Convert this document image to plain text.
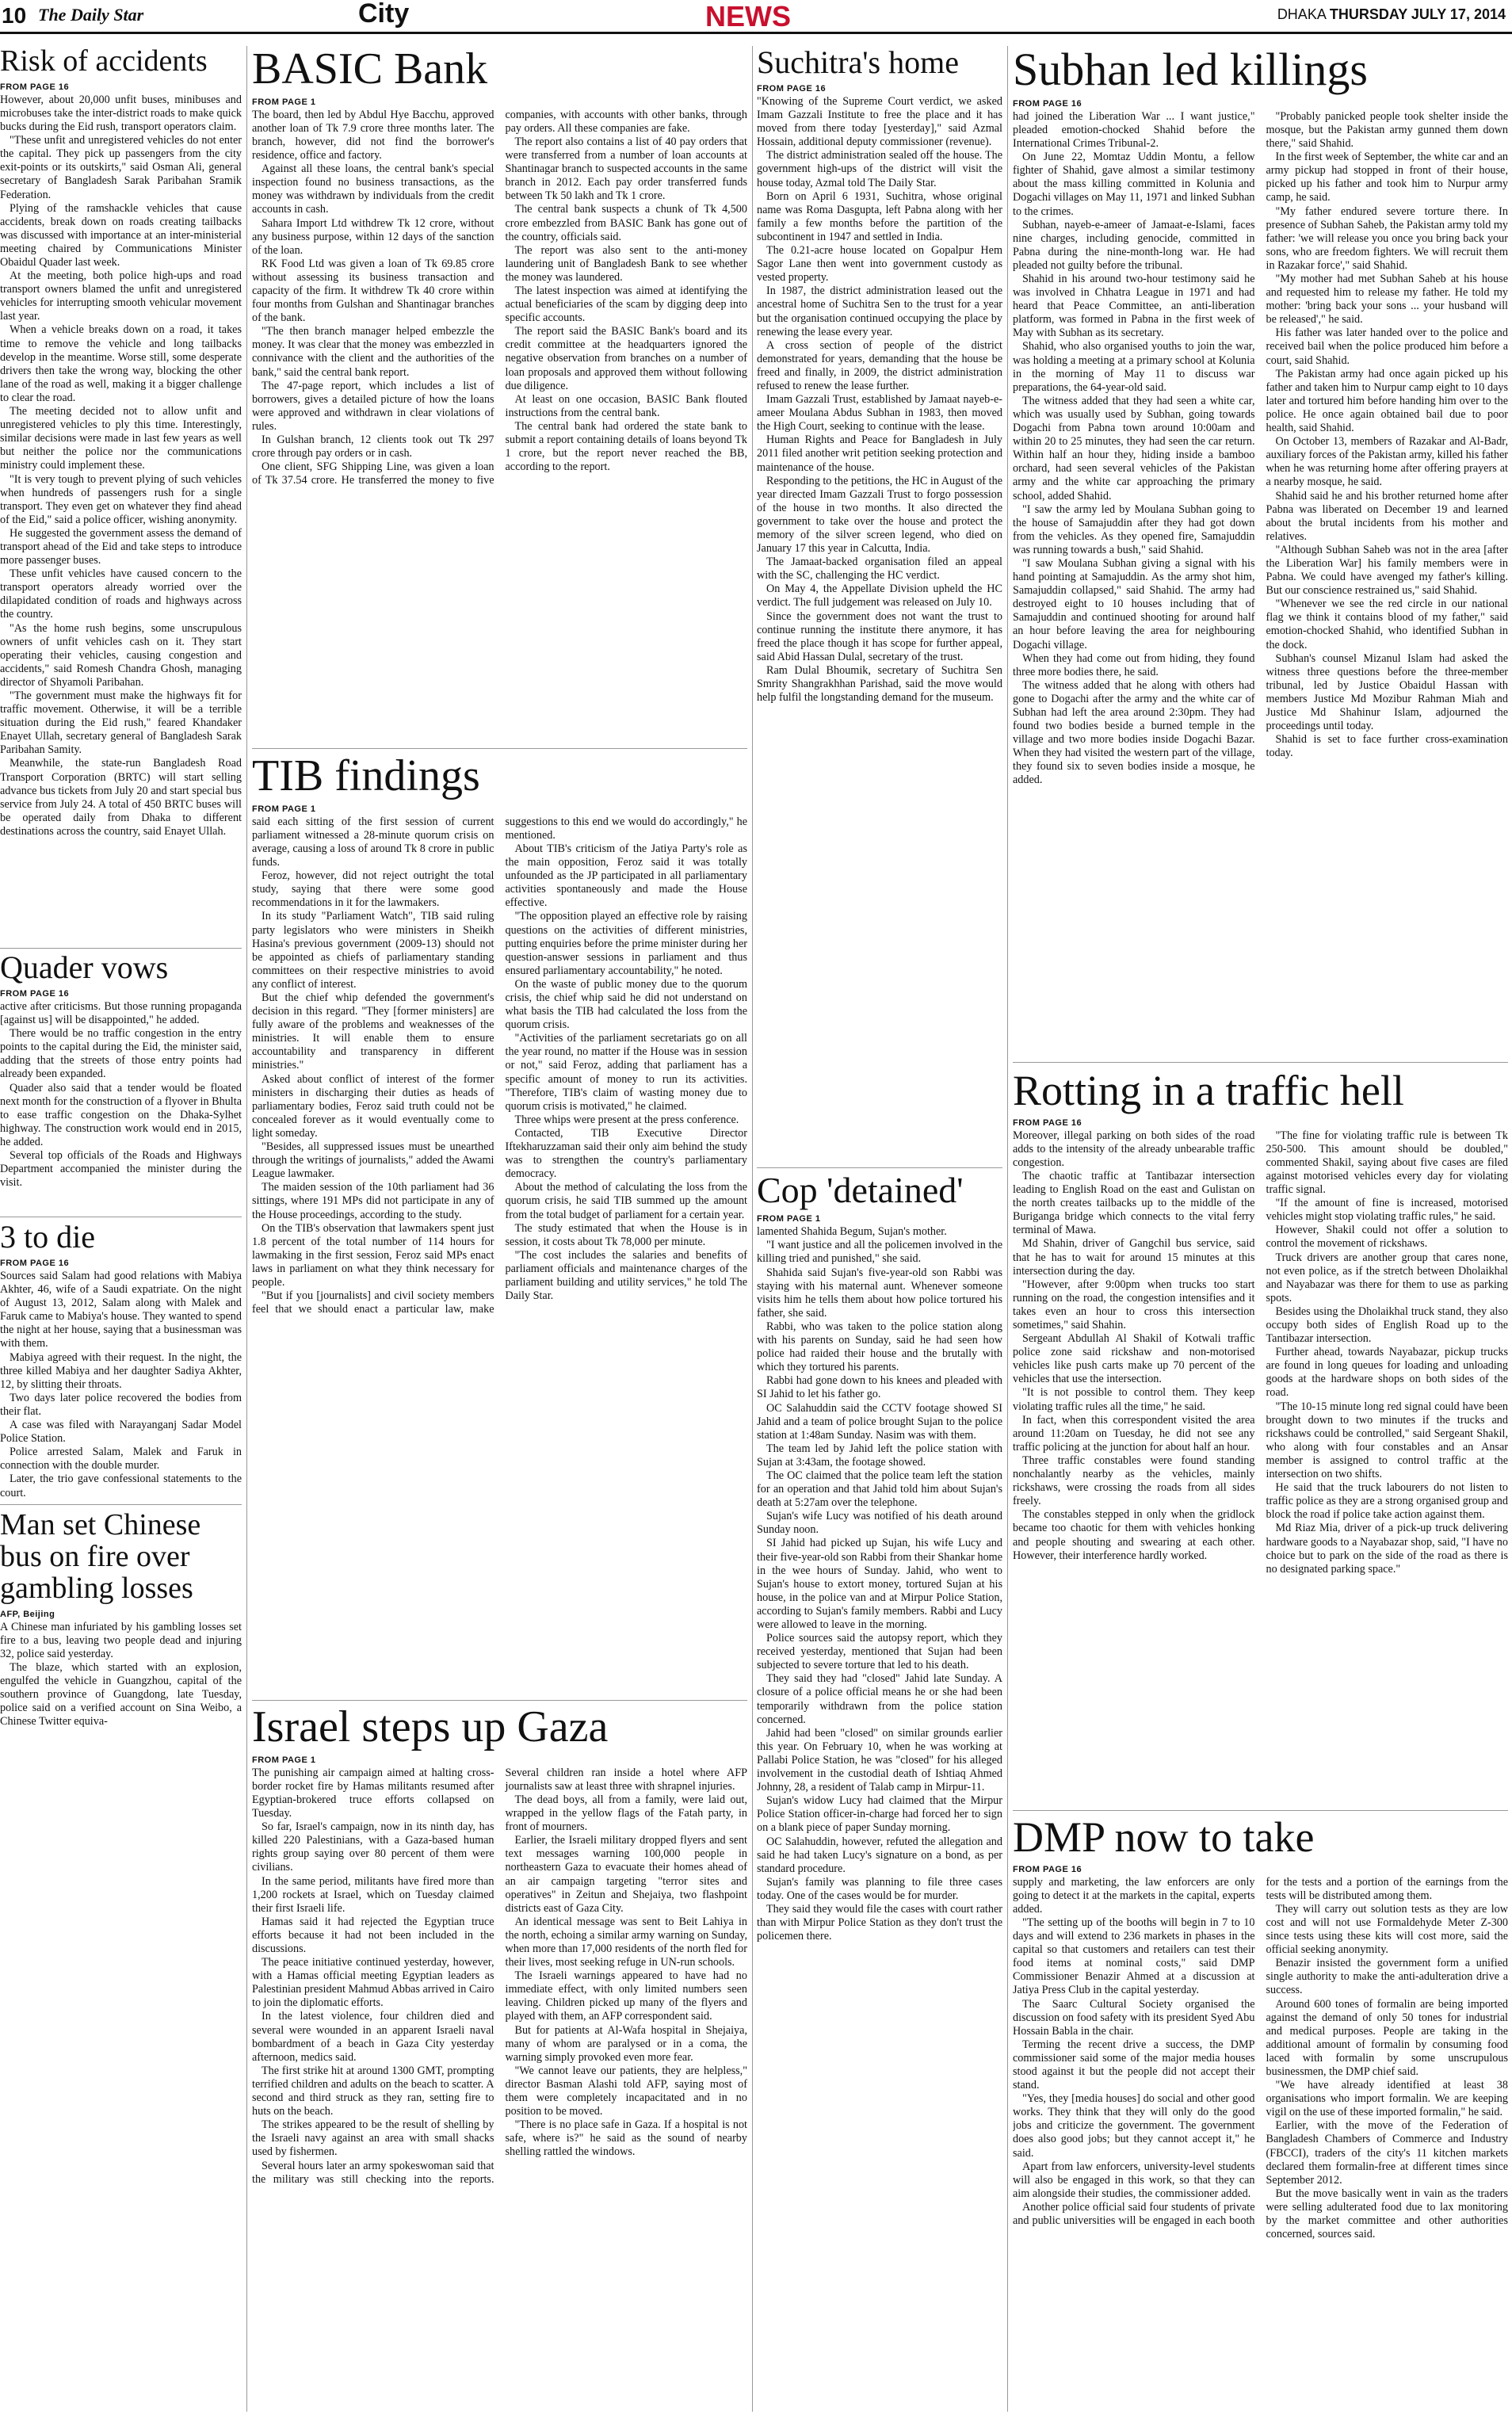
10 The Daily Star	City	NEWS	DHAKA THURSDAY JULY 17, 2014
Risk of accidents
FROM PAGE 16

However, about 20,000 unfit buses, minibuses and microbuses take the inter-district roads to make quick bucks during the Eid rush, transport operators claim.

"These unfit and unregistered vehicles do not enter the capital. They pick up passengers from the city exit-points or its outskirts," said Osman Ali, general secretary of Bangladesh Sarak Paribahan Sramik Federation.

Plying of the ramshackle vehicles that cause accidents, break down on roads creating tailbacks was discussed with importance at an inter-ministerial meeting chaired by Communications Minister Obaidul Quader last week.

At the meeting, both police high-ups and road transport owners blamed the unfit and unregistered vehicles for interrupting smooth vehicular movement last year.

When a vehicle breaks down on a road, it takes time to remove the vehicle and long tailbacks develop in the meantime. Worse still, some desperate drivers then take the wrong way, blocking the other lane of the road as well, making it a bigger challenge to clear the road.

The meeting decided not to allow unfit and unregistered vehicles to ply this time. Interestingly, similar decisions were made in last few years as well but neither the police nor the communications ministry could implement these.

"It is very tough to prevent plying of such vehicles when hundreds of passengers rush for a single transport. They even get on whatever they find ahead of the Eid," said a police officer, wishing anonymity.

He suggested the government assess the demand of transport ahead of the Eid and take steps to introduce more passenger buses.

These unfit vehicles have caused concern to the transport operators already worried over the dilapidated condition of roads and highways across the country.

"As the home rush begins, some unscrupulous owners of unfit vehicles cash on it. They start operating their vehicles, causing congestion and accidents," said Romesh Chandra Ghosh, managing director of Shyamoli Paribahan.

"The government must make the highways fit for traffic movement. Otherwise, it will be a terrible situation during the Eid rush," feared Khandaker Enayet Ullah, secretary general of Bangladesh Sarak Paribahan Samity.

Meanwhile, the state-run Bangladesh Road Transport Corporation (BRTC) will start selling advance bus tickets from July 20 and start special bus service from July 24. A total of 450 BRTC buses will be operated daily from Dhaka to different destinations across the country, said Enayet Ullah.

Quader vows
FROM PAGE 16

active after criticisms. But those running propaganda [against us] will be disappointed," he added.

There would be no traffic congestion in the entry points to the capital during the Eid, the minister said, adding that the streets of those entry points had already been expanded.

Quader also said that a tender would be floated next month for the construction of a flyover in Bhulta to ease traffic congestion on the Dhaka-Sylhet highway. The construction work would end in 2015, he added.

Several top officials of the Roads and Highways Department accompanied the minister during the visit.

3 to die
FROM PAGE 16

Sources said Salam had good relations with Mabiya Akhter, 46, wife of a Saudi expatriate. On the night of August 13, 2012, Salam along with Malek and Faruk came to Mabiya's house. They wanted to spend the night at her house, saying that a businessman was with them.

Mabiya agreed with their request. In the night, the three killed Mabiya and her daughter Sadiya Akhter, 12, by slitting their throats.

Two days later police recovered the bodies from their flat.

A case was filed with Narayanganj Sadar Model Police Station.

Police arrested Salam, Malek and Faruk in connection with the double murder.

Later, the trio gave confessional statements to the court.

Man set Chinese bus on fire over gambling losses
AFP, Beijing

A Chinese man infuriated by his gambling losses set fire to a bus, leaving two people dead and injuring 32, police said yesterday.

The blaze, which started with an explosion, engulfed the vehicle in Guangzhou, capital of the southern province of Guangdong, late Tuesday, police said on a verified account on Sina Weibo, a Chinese Twitter equiva-

BASIC Bank
FROM PAGE 1

The board, then led by Abdul Hye Bacchu, approved another loan of Tk 7.9 crore three months later. The branch, however, did not find the borrower's residence, office and factory.

Against all these loans, the central bank's special inspection found no business transactions, as the money was withdrawn by individuals from the credit accounts in cash.

Sahara Import Ltd withdrew Tk 12 crore, without any business purpose, within 12 days of the sanction of the loan.

RK Food Ltd was given a loan of Tk 69.85 crore without assessing its business transaction and capacity of the firm. It withdrew Tk 40 crore within four months from Gulshan and Shantinagar branches of the bank.

"The then branch manager helped embezzle the money. It was clear that the money was embezzled in connivance with the client and the authorities of the bank," said the central bank report.

The 47-page report, which includes a list of borrowers, gives a detailed picture of how the loans were approved and withdrawn in clear violations of rules.

In Gulshan branch, 12 clients took out Tk 297 crore through pay orders or in cash.

One client, SFG Shipping Line, was given a loan of Tk 37.54 crore. He transferred the money to five companies, with accounts with other banks, through pay orders. All these companies are fake.

The report also contains a list of 40 pay orders that were transferred from a number of loan accounts at Shantinagar branch to suspected accounts in the same branch in 2012. Each pay order transferred funds between Tk 50 lakh and Tk 1 crore.

The central bank suspects a chunk of Tk 4,500 crore embezzled from BASIC Bank has gone out of the country, officials said.

The report was also sent to the anti-money laundering unit of Bangladesh Bank to see whether the money was laundered.

The latest inspection was aimed at identifying the actual beneficiaries of the scam by digging deep into specific accounts.

The report said the BASIC Bank's board and its credit committee at the headquarters ignored the negative observation from branches on a number of loan proposals and approved them without following due diligence.

At least on one occasion, BASIC Bank flouted instructions from the central bank.

The central bank had ordered the state bank to submit a report containing details of loans beyond Tk 1 crore, but the report never reached the BB, according to the report.

TIB findings
FROM PAGE 1

said each sitting of the first session of current parliament witnessed a 28-minute quorum crisis on average, causing a loss of around Tk 8 crore in public funds.

Feroz, however, did not reject outright the total study, saying that there were some good recommendations in it for the lawmakers.

In its study "Parliament Watch", TIB said ruling party legislators who were ministers in Sheikh Hasina's previous government (2009-13) should not be appointed as chiefs of parliamentary standing committees on their respective ministries to avoid any conflict of interest.

But the chief whip defended the government's decision in this regard. "They [former ministers] are fully aware of the problems and weaknesses of the ministries. It will enable them to ensure accountability and transparency in different ministries."

Asked about conflict of interest of the former ministers in discharging their duties as heads of parliamentary bodies, Feroz said truth could not be concealed forever as it would eventually come to light someday.

"Besides, all suppressed issues must be unearthed through the writings of journalists," added the Awami League lawmaker.

The maiden session of the 10th parliament had 36 sittings, where 191 MPs did not participate in any of the House proceedings, according to the study.

On the TIB's observation that lawmakers spent just 1.8 percent of the total number of 114 hours for lawmaking in the first session, Feroz said MPs enact laws in parliament on what they think necessary for people.

"But if you [journalists] and civil society members feel that we should enact a particular law, make suggestions to this end we would do accordingly," he mentioned.

About TIB's criticism of the Jatiya Party's role as the main opposition, Feroz said it was totally unfounded as the JP participated in all parliamentary activities spontaneously and made the House effective.

"The opposition played an effective role by raising questions on the activities of different ministries, putting enquiries before the prime minister during her question-answer sessions in parliament and thus ensured parliamentary accountability," he noted.

On the waste of public money due to the quorum crisis, the chief whip said he did not understand on what basis the TIB had calculated the loss from the quorum crisis.

"Activities of the parliament secretariats go on all the year round, no matter if the House was in session or not," said Feroz, adding that parliament has a specific amount of money to run its activities. "Therefore, TIB's claim of wasting money due to quorum crisis is motivated," he claimed.

Three whips were present at the press conference.

Contacted, TIB Executive Director Iftekharuzzaman said their only aim behind the study was to strengthen the country's parliamentary democracy.

About the method of calculating the loss from the quorum crisis, he said TIB summed up the amount from the total budget of parliament for a certain year.

The study estimated that when the House is in session, it costs about Tk 78,000 per minute.

"The cost includes the salaries and benefits of parliament officials and maintenance charges of the parliament building and utility services," he told The Daily Star.

Israel steps up Gaza
FROM PAGE 1

The punishing air campaign aimed at halting cross-border rocket fire by Hamas militants resumed after Egyptian-brokered truce efforts collapsed on Tuesday.

So far, Israel's campaign, now in its ninth day, has killed 220 Palestinians, with a Gaza-based human rights group saying over 80 percent of them were civilians.

In the same period, militants have fired more than 1,200 rockets at Israel, which on Tuesday claimed their first Israeli life.

Hamas said it had rejected the Egyptian truce efforts because it had not been included in the discussions.

The peace initiative continued yesterday, however, with a Hamas official meeting Egyptian leaders as Palestinian president Mahmud Abbas arrived in Cairo to join the diplomatic efforts.

In the latest violence, four children died and several were wounded in an apparent Israeli naval bombardment of a beach in Gaza City yesterday afternoon, medics said.

The first strike hit at around 1300 GMT, prompting terrified children and adults on the beach to scatter. A second and third struck as they ran, setting fire to huts on the beach.

The strikes appeared to be the result of shelling by the Israeli navy against an area with small shacks used by fishermen.

Several hours later an army spokeswoman said that the military was still checking into the reports. Several children ran inside a hotel where AFP journalists saw at least three with shrapnel injuries.

The dead boys, all from a family, were laid out, wrapped in the yellow flags of the Fatah party, in front of mourners.

Earlier, the Israeli military dropped flyers and sent text messages warning 100,000 people in northeastern Gaza to evacuate their homes ahead of an air campaign targeting "terror sites and operatives" in Zeitun and Shejaiya, two flashpoint districts east of Gaza City.

An identical message was sent to Beit Lahiya in the north, echoing a similar army warning on Sunday, when more than 17,000 residents of the north fled for their lives, most seeking refuge in UN-run schools.

The Israeli warnings appeared to have had no immediate effect, with only limited numbers seen leaving. Children picked up many of the flyers and played with them, an AFP correspondent said.

But for patients at Al-Wafa hospital in Shejaiya, many of whom are paralysed or in a coma, the warning simply provoked even more fear.

"We cannot leave our patients, they are helpless," director Basman Alashi told AFP, saying most of them were completely incapacitated and in no position to be moved.

"There is no place safe in Gaza. If a hospital is not safe, where is?" he said as the sound of nearby shelling rattled the windows.

Suchitra's home
FROM PAGE 16

"Knowing of the Supreme Court verdict, we asked Imam Gazzali Institute to free the place and it has moved from there today [yesterday]," said Azmal Hossain, additional deputy commissioner (revenue).

The district administration sealed off the house. The government high-ups of the district will visit the house today, Azmal told The Daily Star.

Born on April 6 1931, Suchitra, whose original name was Roma Dasgupta, left Pabna along with her family a few months before the partition of the subcontinent in 1947 and settled in India.

The 0.21-acre house located on Gopalpur Hem Sagor Lane then went into government custody as vested property.

In 1987, the district administration leased out the ancestral home of Suchitra Sen to the trust for a year but the organisation continued occupying the place by renewing the lease every year.

A cross section of people of the district demonstrated for years, demanding that the house be freed and finally, in 2009, the district administration refused to renew the lease further.

Imam Gazzali Trust, established by Jamaat nayeb-e-ameer Moulana Abdus Subhan in 1983, then moved the High Court, seeking to continue with the lease.

Human Rights and Peace for Bangladesh in July 2011 filed another writ petition seeking protection and maintenance of the house.

Responding to the petitions, the HC in August of the year directed Imam Gazzali Trust to forgo possession of the house in two months. It also directed the government to take over the house and protect the memory of the silver screen legend, who died on January 17 this year in Calcutta, India.

The Jamaat-backed organisation filed an appeal with the SC, challenging the HC verdict.

On May 4, the Appellate Division upheld the HC verdict. The full judgement was released on July 10.

Since the government does not want the trust to continue running the institute there anymore, it has freed the place though it has scope for further appeal, said Abid Hassan Dulal, secretary of the trust.

Ram Dulal Bhoumik, secretary of Suchitra Sen Smrity Shangrakhhan Parishad, said the move would help fulfil the longstanding demand for the museum.

Cop 'detained'
FROM PAGE 1

lamented Shahida Begum, Sujan's mother.

"I want justice and all the policemen involved in the killing tried and punished," she said.

Shahida said Sujan's five-year-old son Rabbi was staying with his maternal aunt. Whenever someone visits him he tells them about how police tortured his father, she said.

Rabbi, who was taken to the police station along with his parents on Sunday, said he had seen how police had raided their house and the brutally with which they tortured his parents.

Rabbi had gone down to his knees and pleaded with SI Jahid to let his father go.

OC Salahuddin said the CCTV footage showed SI Jahid and a team of police brought Sujan to the police station at 1:48am Sunday. Nasim was with them.

The team led by Jahid left the police station with Sujan at 3:43am, the footage showed.

The OC claimed that the police team left the station for an operation and that Jahid told him about Sujan's death at 5:27am over the telephone.

Sujan's wife Lucy was notified of his death around Sunday noon.

SI Jahid had picked up Sujan, his wife Lucy and their five-year-old son Rabbi from their Shankar home in the wee hours of Sunday. Jahid, who went to Sujan's house to extort money, tortured Sujan at his house, in the police van and at Mirpur Police Station, according to Sujan's family members. Rabbi and Lucy were allowed to leave in the morning.

Police sources said the autopsy report, which they received yesterday, mentioned that Sujan had been subjected to severe torture that led to his death.

They said they had "closed" Jahid late Sunday. A closure of a police official means he or she had been temporarily withdrawn from the police station concerned.

Jahid had been "closed" on similar grounds earlier this year. On February 10, when he was working at Pallabi Police Station, he was "closed" for his alleged involvement in the custodial death of Ishtiaq Ahmed Johnny, 28, a resident of Talab camp in Mirpur-11.

Sujan's widow Lucy had claimed that the Mirpur Police Station officer-in-charge had forced her to sign on a blank piece of paper Sunday morning.

OC Salahuddin, however, refuted the allegation and said he had taken Lucy's signature on a bond, as per standard procedure.

Sujan's family was planning to file three cases today. One of the cases would be for murder.

They said they would file the cases with court rather than with Mirpur Police Station as they don't trust the policemen there.

Subhan led killings
FROM PAGE 16

had joined the Liberation War ... I want justice," pleaded emotion-chocked Shahid before the International Crimes Tribunal-2.

On June 22, Momtaz Uddin Montu, a fellow fighter of Shahid, gave almost a similar testimony about the mass killing committed in Kolunia and Dogachi villages on May 11, 1971 and linked Subhan to the crimes.

Subhan, nayeb-e-ameer of Jamaat-e-Islami, faces nine charges, including genocide, committed in Pabna during the nine-month-long war. He had pleaded not guilty before the tribunal.

Shahid in his around two-hour testimony said he was involved in Chhatra League in 1971 and had heard that Peace Committee, an anti-liberation platform, was formed in Pabna in the first week of May with Subhan as its secretary.

Shahid, who also organised youths to join the war, was holding a meeting at a primary school at Kolunia in the morning of May 11 to discuss war preparations, the 64-year-old said.

The witness added that they had seen a white car, which was usually used by Subhan, going towards Dogachi from Pabna town around 10:00am and within 20 to 25 minutes, they had seen the car return. Within half an hour they, hiding inside a bamboo orchard, had seen several vehicles of the Pakistan army and the white car approaching the primary school, added Shahid.

"I saw the army led by Moulana Subhan going to the house of Samajuddin after they had got down from the vehicles. As they opened fire, Samajuddin was running towards a bush," said Shahid.

"I saw Moulana Subhan giving a signal with his hand pointing at Samajuddin. As the army shot him, Samajuddin collapsed," said Shahid. The army had destroyed eight to 10 houses including that of Samajuddin and continued shooting for around half an hour before leaving the area for neighbouring Dogachi village.

When they had come out from hiding, they found three more bodies there, he said.

The witness added that he along with others had gone to Dogachi after the army and the white car of Subhan had left the area around 2:30pm. They had found two bodies beside a burned temple in the village and two more bodies inside Dogachi Bazar. When they had visited the western part of the village, they found six to seven bodies inside a mosque, he added.

"Probably panicked people took shelter inside the mosque, but the Pakistan army gunned them down there," said Shahid.

In the first week of September, the white car and an army pickup had stopped in front of their house, picked up his father and took him to Nurpur army camp, he said.

"My father endured severe torture there. In presence of Subhan Saheb, the Pakistan army told my father: 'we will release you once you bring back your sons, who are freedom fighters. We will recruit them in Razakar force'," said Shahid.

"My mother had met Subhan Saheb at his house and requested him to release my father. He told my mother: 'bring back your sons ... your husband will be released'," he said.

His father was later handed over to the police and received bail when the police produced him before a court, said Shahid.

The Pakistan army had once again picked up his father and taken him to Nurpur camp eight to 10 days later and tortured him before handing him over to the police. He once again obtained bail due to poor health, said Shahid.

On October 13, members of Razakar and Al-Badr, auxiliary forces of the Pakistan army, killed his father when he was returning home after offering prayers at a nearby mosque, he said.

Shahid said he and his brother returned home after Pabna was liberated on December 19 and learned about the brutal incidents from his mother and relatives.

"Although Subhan Saheb was not in the area [after the Liberation War] his family members were in Pabna. We could have avenged my father's killing. But our conscience restrained us," said Shahid.

"Whenever we see the red circle in our national flag we think it contains blood of my father," said emotion-chocked Shahid, who identified Subhan in the dock.

Subhan's counsel Mizanul Islam had asked the witness three questions before the three-member tribunal, led by Justice Obaidul Hassan with members Justice Md Mozibur Rahman Miah and Justice Md Shahinur Islam, adjourned the proceedings until today.

Shahid is set to face further cross-examination today.

Rotting in a traffic hell
FROM PAGE 16

Moreover, illegal parking on both sides of the road adds to the intensity of the already unbearable traffic congestion.

The chaotic traffic at Tantibazar intersection leading to English Road on the east and Gulistan on the north creates tailbacks up to the middle of the Buriganga bridge which connects to the vital ferry terminal of Mawa.

Md Shahin, driver of Gangchil bus service, said that he has to wait for around 15 minutes at this intersection during the day.

"However, after 9:00pm when trucks too start running on the road, the congestion intensifies and it takes even an hour to cross this intersection sometimes," said Shahin.

Sergeant Abdullah Al Shakil of Kotwali traffic police zone said rickshaw and non-motorised vehicles like push carts make up 70 percent of the vehicles that use the intersection.

"It is not possible to control them. They keep violating traffic rules all the time," he said.

In fact, when this correspondent visited the area around 11:20am on Tuesday, he did not see any traffic policing at the junction for about half an hour.

Three traffic constables were found standing nonchalantly nearby as the vehicles, mainly rickshaws, were crossing the roads from all sides freely.

The constables stepped in only when the gridlock became too chaotic for them with vehicles honking and people shouting and swearing at each other. However, their interference hardly worked.

"The fine for violating traffic rule is between Tk 250-500. This amount should be doubled," commented Shakil, saying about five cases are filed against motorised vehicles every day for violating traffic signal.

"If the amount of fine is increased, motorised vehicles might stop violating traffic rules," he said.

However, Shakil could not offer a solution to control the movement of rickshaws.

Truck drivers are another group that cares none, not even police, as if the stretch between Dholaikhal and Nayabazar was there for them to use as parking spots.

Besides using the Dholaikhal truck stand, they also occupy both sides of English Road up to the Tantibazar intersection.

Further ahead, towards Nayabazar, pickup trucks are found in long queues for loading and unloading goods at the hardware shops on both sides of the road.

"The 10-15 minute long red signal could have been brought down to two minutes if the trucks and rickshaws could be controlled," said Sergeant Shakil, who along with four constables and an Ansar member is assigned to control traffic at the intersection on two shifts.

He said that the truck labourers do not listen to traffic police as they are a strong organised group and block the road if police take action against them.

Md Riaz Mia, driver of a pick-up truck delivering hardware goods to a Nayabazar shop, said, "I have no choice but to park on the side of the road as there is no designated parking space."

DMP now to take
FROM PAGE 16

supply and marketing, the law enforcers are only going to detect it at the markets in the capital, experts added.

"The setting up of the booths will begin in 7 to 10 days and will extend to 236 markets in phases in the capital so that customers and retailers can test their food items at nominal costs," said DMP Commissioner Benazir Ahmed at a discussion at Jatiya Press Club in the capital yesterday.

The Saarc Cultural Society organised the discussion on food safety with its president Syed Abu Hossain Babla in the chair.

Terming the recent drive a success, the DMP commissioner said some of the major media houses stood against it but the people did not accept their stand.

"Yes, they [media houses] do social and other good works. They think that they will only do the good jobs and criticize the government. The government does also good jobs; but they cannot accept it," he said.

Apart from law enforcers, university-level students will also be engaged in this work, so that they can aim alongside their studies, the commissioner added.

Another police official said four students of private and public universities will be engaged in each booth for the tests and a portion of the earnings from the tests will be distributed among them.

They will carry out solution tests as they are low cost and will not use Formaldehyde Meter Z-300 since tests using these kits will cost more, said the official seeking anonymity.

Benazir insisted the government form a unified single authority to make the anti-adulteration drive a success.

Around 600 tones of formalin are being imported against the demand of only 50 tones for industrial and medical purposes. People are taking in the additional amount of formalin by consuming food laced with formalin by some unscrupulous businessmen, the DMP chief said.

"We have already identified at least 38 organisations who import formalin. We are keeping vigil on the use of these imported formalin," he said.

Earlier, with the move of the Federation of Bangladesh Chambers of Commerce and Industry (FBCCI), traders of the city's 11 kitchen markets declared them formalin-free at different times since September 2012.

But the move basically went in vain as the traders were selling adulterated food due to lax monitoring by the market committee and other authorities concerned, sources said.
